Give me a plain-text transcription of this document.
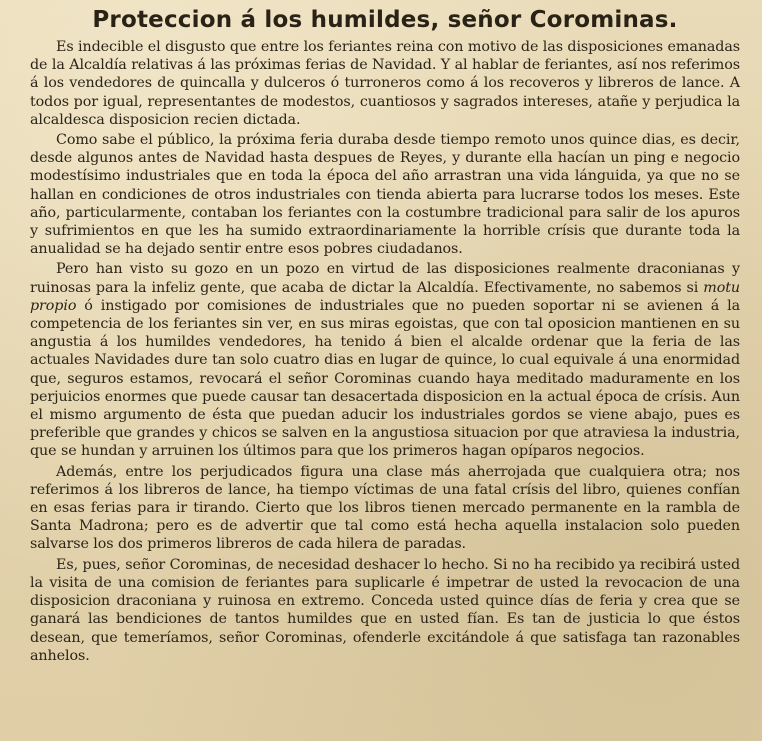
Proteccion á los humildes, señor Corominas.

Es indecible el disgusto que entre los feriantes reina con motivo de las disposiciones emanadas de la Alcaldía relativas á las próximas ferias de Navidad. Y al hablar de feriantes, así nos referimos á los vendedores de quincalla y dulceros ó turroneros como á los recoveros y libreros de lance. A todos por igual, representantes de modestos, cuantiosos y sagrados intereses, atañe y perjudica la alcaldesca disposicion recien dictada.

Como sabe el público, la próxima feria duraba desde tiempo remoto unos quince dias, es decir, desde algunos antes de Navidad hasta despues de Reyes, y durante ella hacían un ping e negocio modestísimo industriales que en toda la época del año arrastran una vida lánguida, ya que no se hallan en condiciones de otros industriales con tienda abierta para lucrarse todos los meses. Este año, particularmente, contaban los feriantes con la costumbre tradicional para salir de los apuros y sufrimientos en que les ha sumido extraordinariamente la horrible crísis que durante toda la anualidad se ha dejado sentir entre esos pobres ciudadanos.

Pero han visto su gozo en un pozo en virtud de las disposiciones realmente draconianas y ruinosas para la infeliz gente, que acaba de dictar la Alcaldía. Efectivamente, no sabemos si motu propio ó instigado por comisiones de industriales que no pueden soportar ni se avienen á la competencia de los feriantes sin ver, en sus miras egoistas, que con tal oposicion mantienen en su angustia á los humildes vendedores, ha tenido á bien el alcalde ordenar que la feria de las actuales Navidades dure tan solo cuatro dias en lugar de quince, lo cual equivale á una enormidad que, seguros estamos, revocará el señor Corominas cuando haya meditado maduramente en los perjuicios enormes que puede causar tan desacertada disposicion en la actual época de crísis. Aun el mismo argumento de ésta que puedan aducir los industriales gordos se viene abajo, pues es preferible que grandes y chicos se salven en la angustiosa situacion por que atraviesa la industria, que se hundan y arruinen los últimos para que los primeros hagan opíparos negocios.

Además, entre los perjudicados figura una clase más aherrojada que cualquiera otra; nos referimos á los libreros de lance, ha tiempo víctimas de una fatal crísis del libro, quienes confían en esas ferias para ir tirando. Cierto que los libros tienen mercado permanente en la rambla de Santa Madrona; pero es de advertir que tal como está hecha aquella instalacion solo pueden salvarse los dos primeros libreros de cada hilera de paradas.

Es, pues, señor Corominas, de necesidad deshacer lo hecho. Si no ha recibido ya recibirá usted la visita de una comision de feriantes para suplicarle é impetrar de usted la revocacion de una disposicion draconiana y ruinosa en extremo. Conceda usted quince días de feria y crea que se ganará las bendiciones de tantos humildes que en usted fían. Es tan de justicia lo que éstos desean, que temeríamos, señor Corominas, ofenderle excitándole á que satisfaga tan razonables anhelos.
